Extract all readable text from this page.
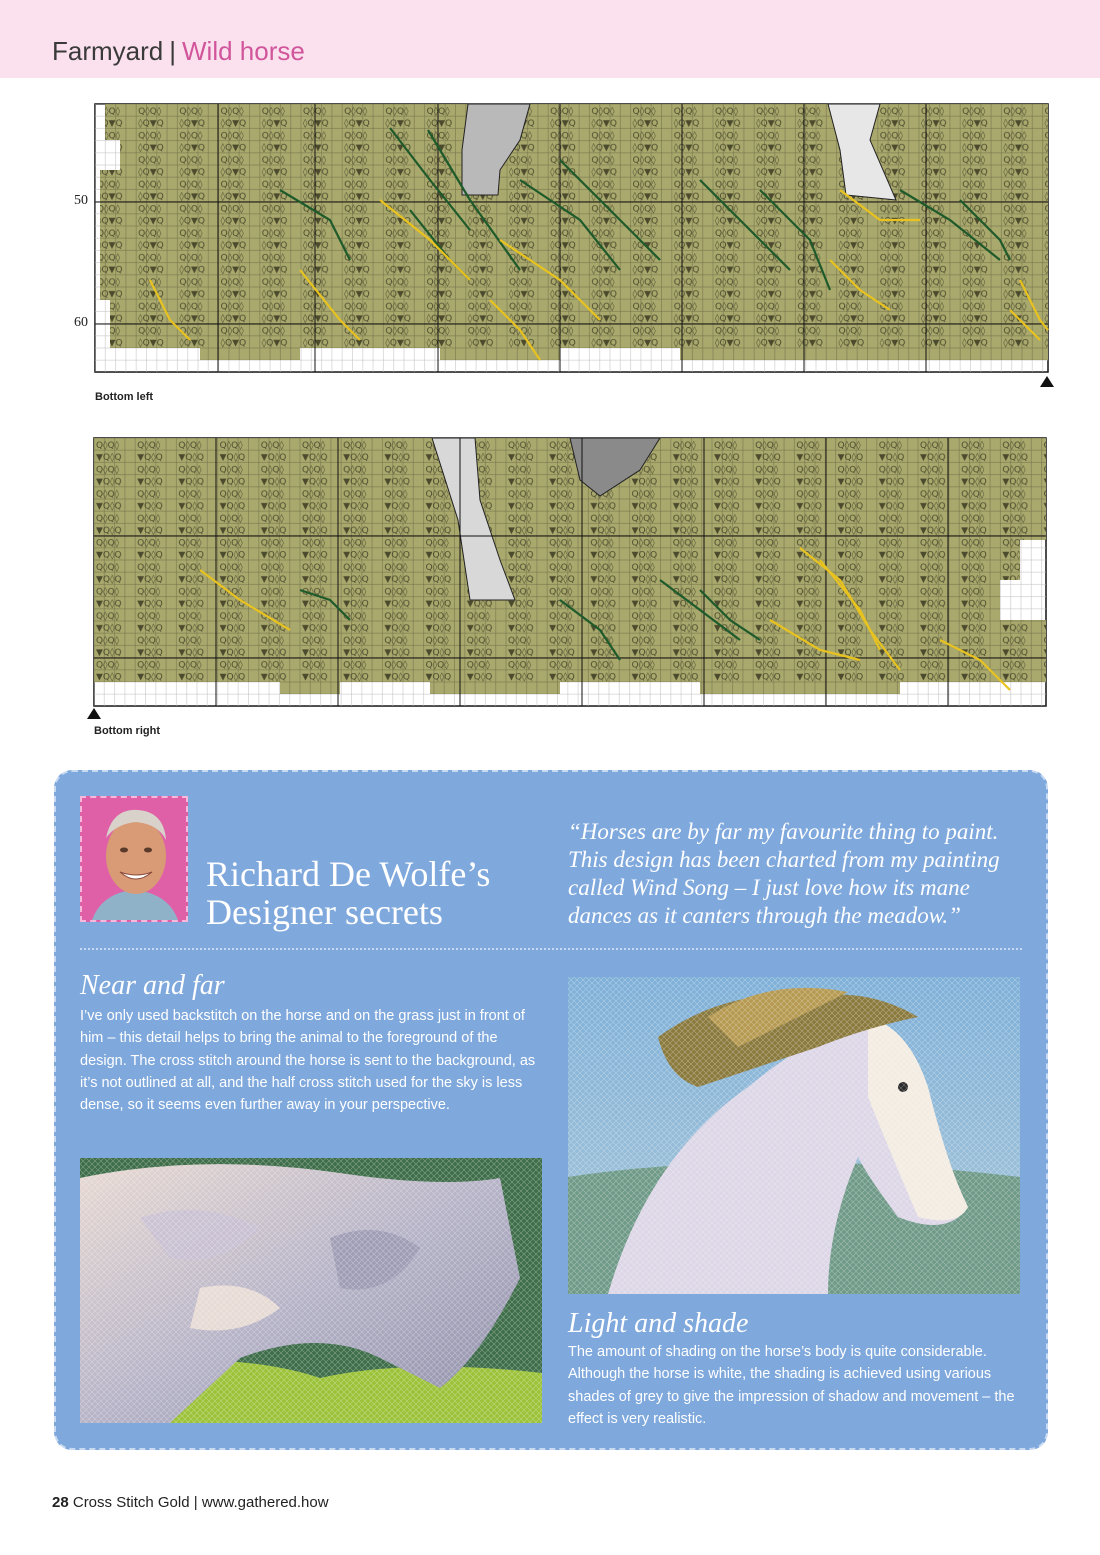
Farmyard | Wild horse
50
60
Bottom left
Bottom right
Richard De Wolfe’s
Designer secrets
“Horses are by far my favourite thing to paint. This design has been charted from my painting called Wind Song – I just love how its mane dances as it canters through the meadow.”
Near and far
I’ve only used backstitch on the horse and on the grass just in front of him – this detail helps to bring the animal to the foreground of the design. The cross stitch around the horse is sent to the background, as it’s not outlined at all, and the half cross stitch used for the sky is less dense, so it seems even further away in your perspective.
Light and shade
The amount of shading on the horse’s body is quite considerable. Although the horse is white, the shading is achieved using various shades of grey to give the impression of shadow and movement – the effect is very realistic.
28 Cross Stitch Gold | www.gathered.how
